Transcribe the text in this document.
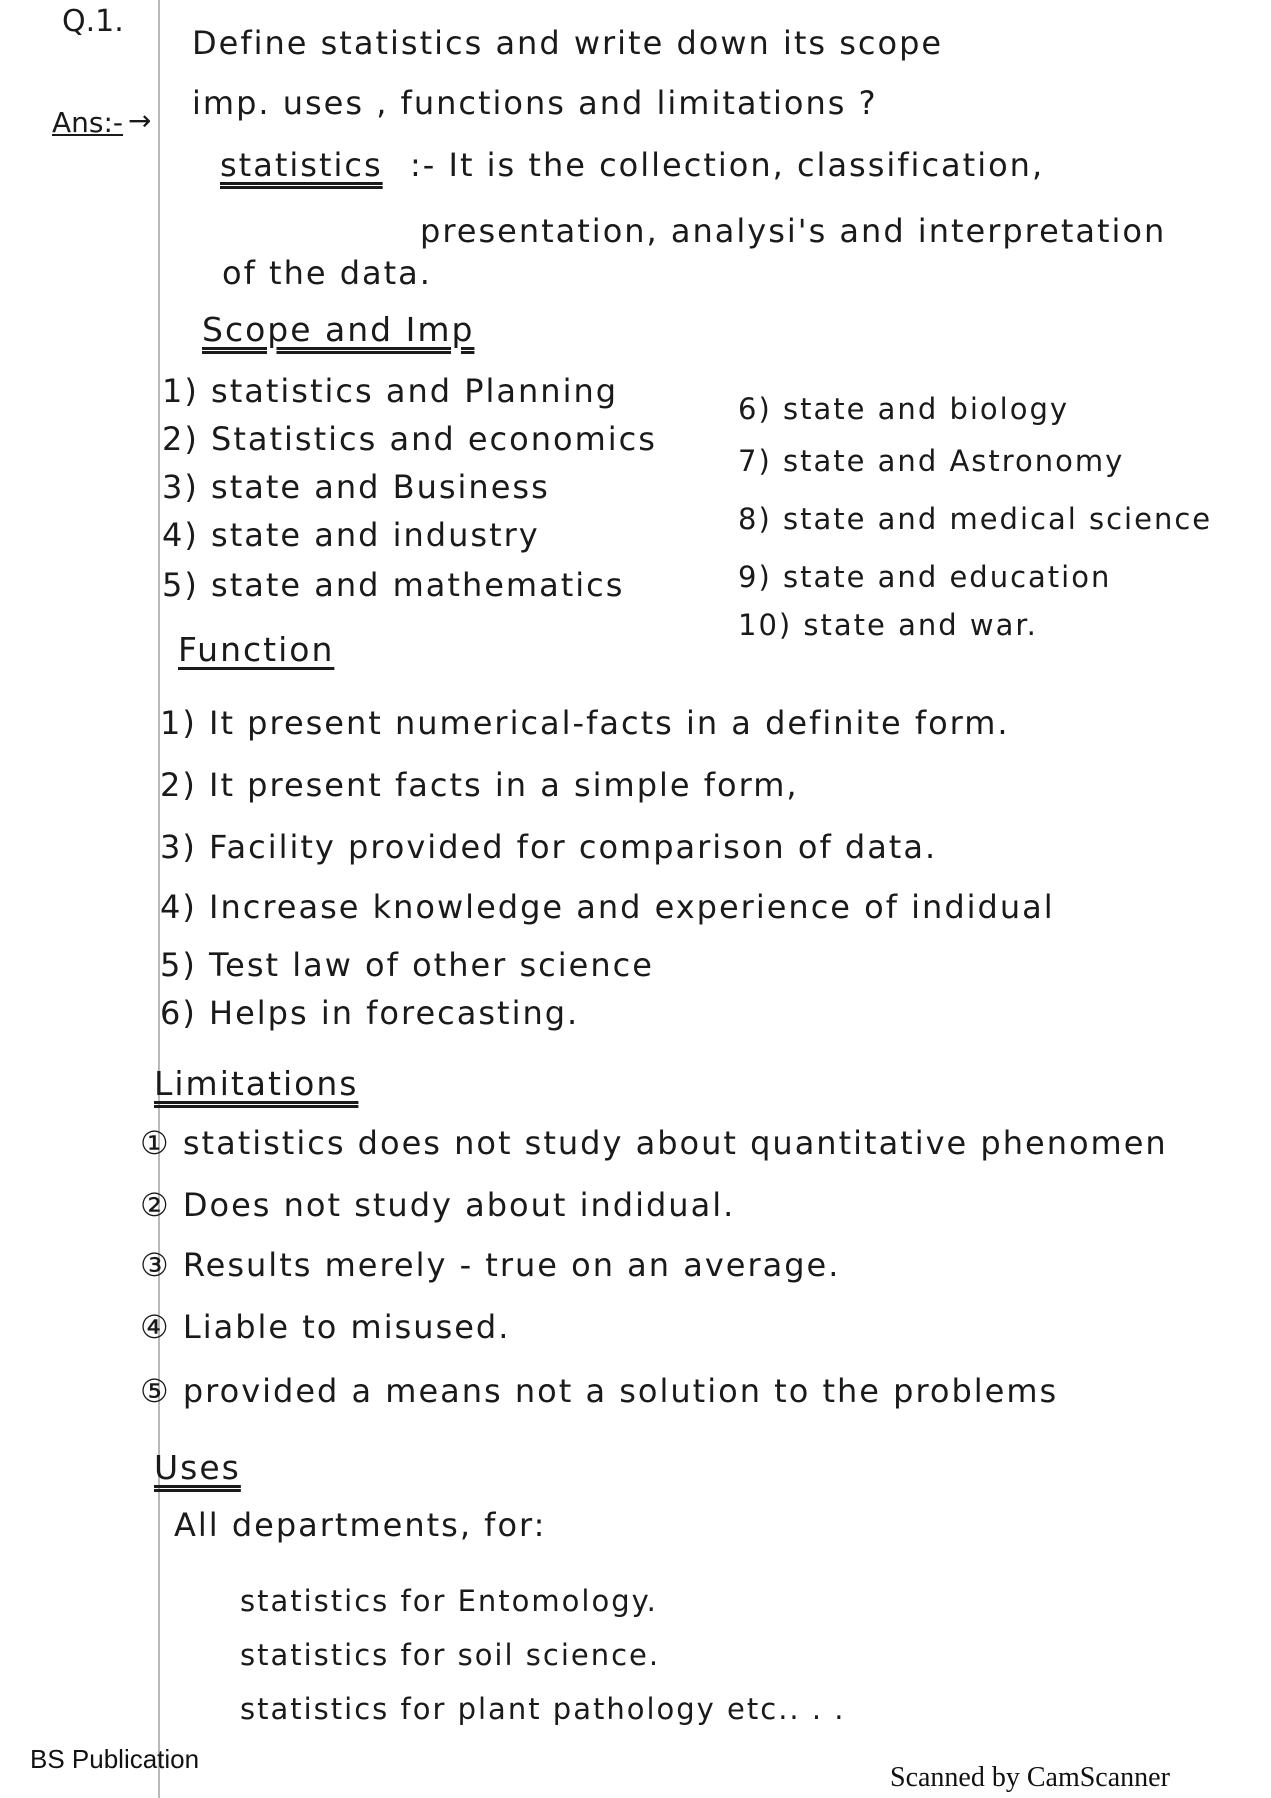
Q.1.
Define statistics and write down its scope
imp. uses , functions and limitations ?
Ans:- →
statistics :- It is the collection, classification,
presentation, analysi's and interpretation
of the data.
Scope and Imp
1) statistics and Planning
2) Statistics and economics
3) state and Business
4) state and industry
5) state and mathematics
6) state and biology
7) state and Astronomy
8) state and medical science
9) state and education
10) state and war.
Function
1) It present numerical-facts in a definite form.
2) It present facts in a simple form,
3) Facility provided for comparison of data.
4) Increase knowledge and experience of indidual
5) Test law of other science
6) Helps in forecasting.
Limitations
① statistics does not study about quantitative phenomen
② Does not study about indidual.
③ Results merely - true on an average.
④ Liable to misused.
⑤ provided a means not a solution to the problems
Uses
All departments, for:
statistics for Entomology.
statistics for soil science.
statistics for plant pathology etc.. . .
BS Publication
Scanned by CamScanner
